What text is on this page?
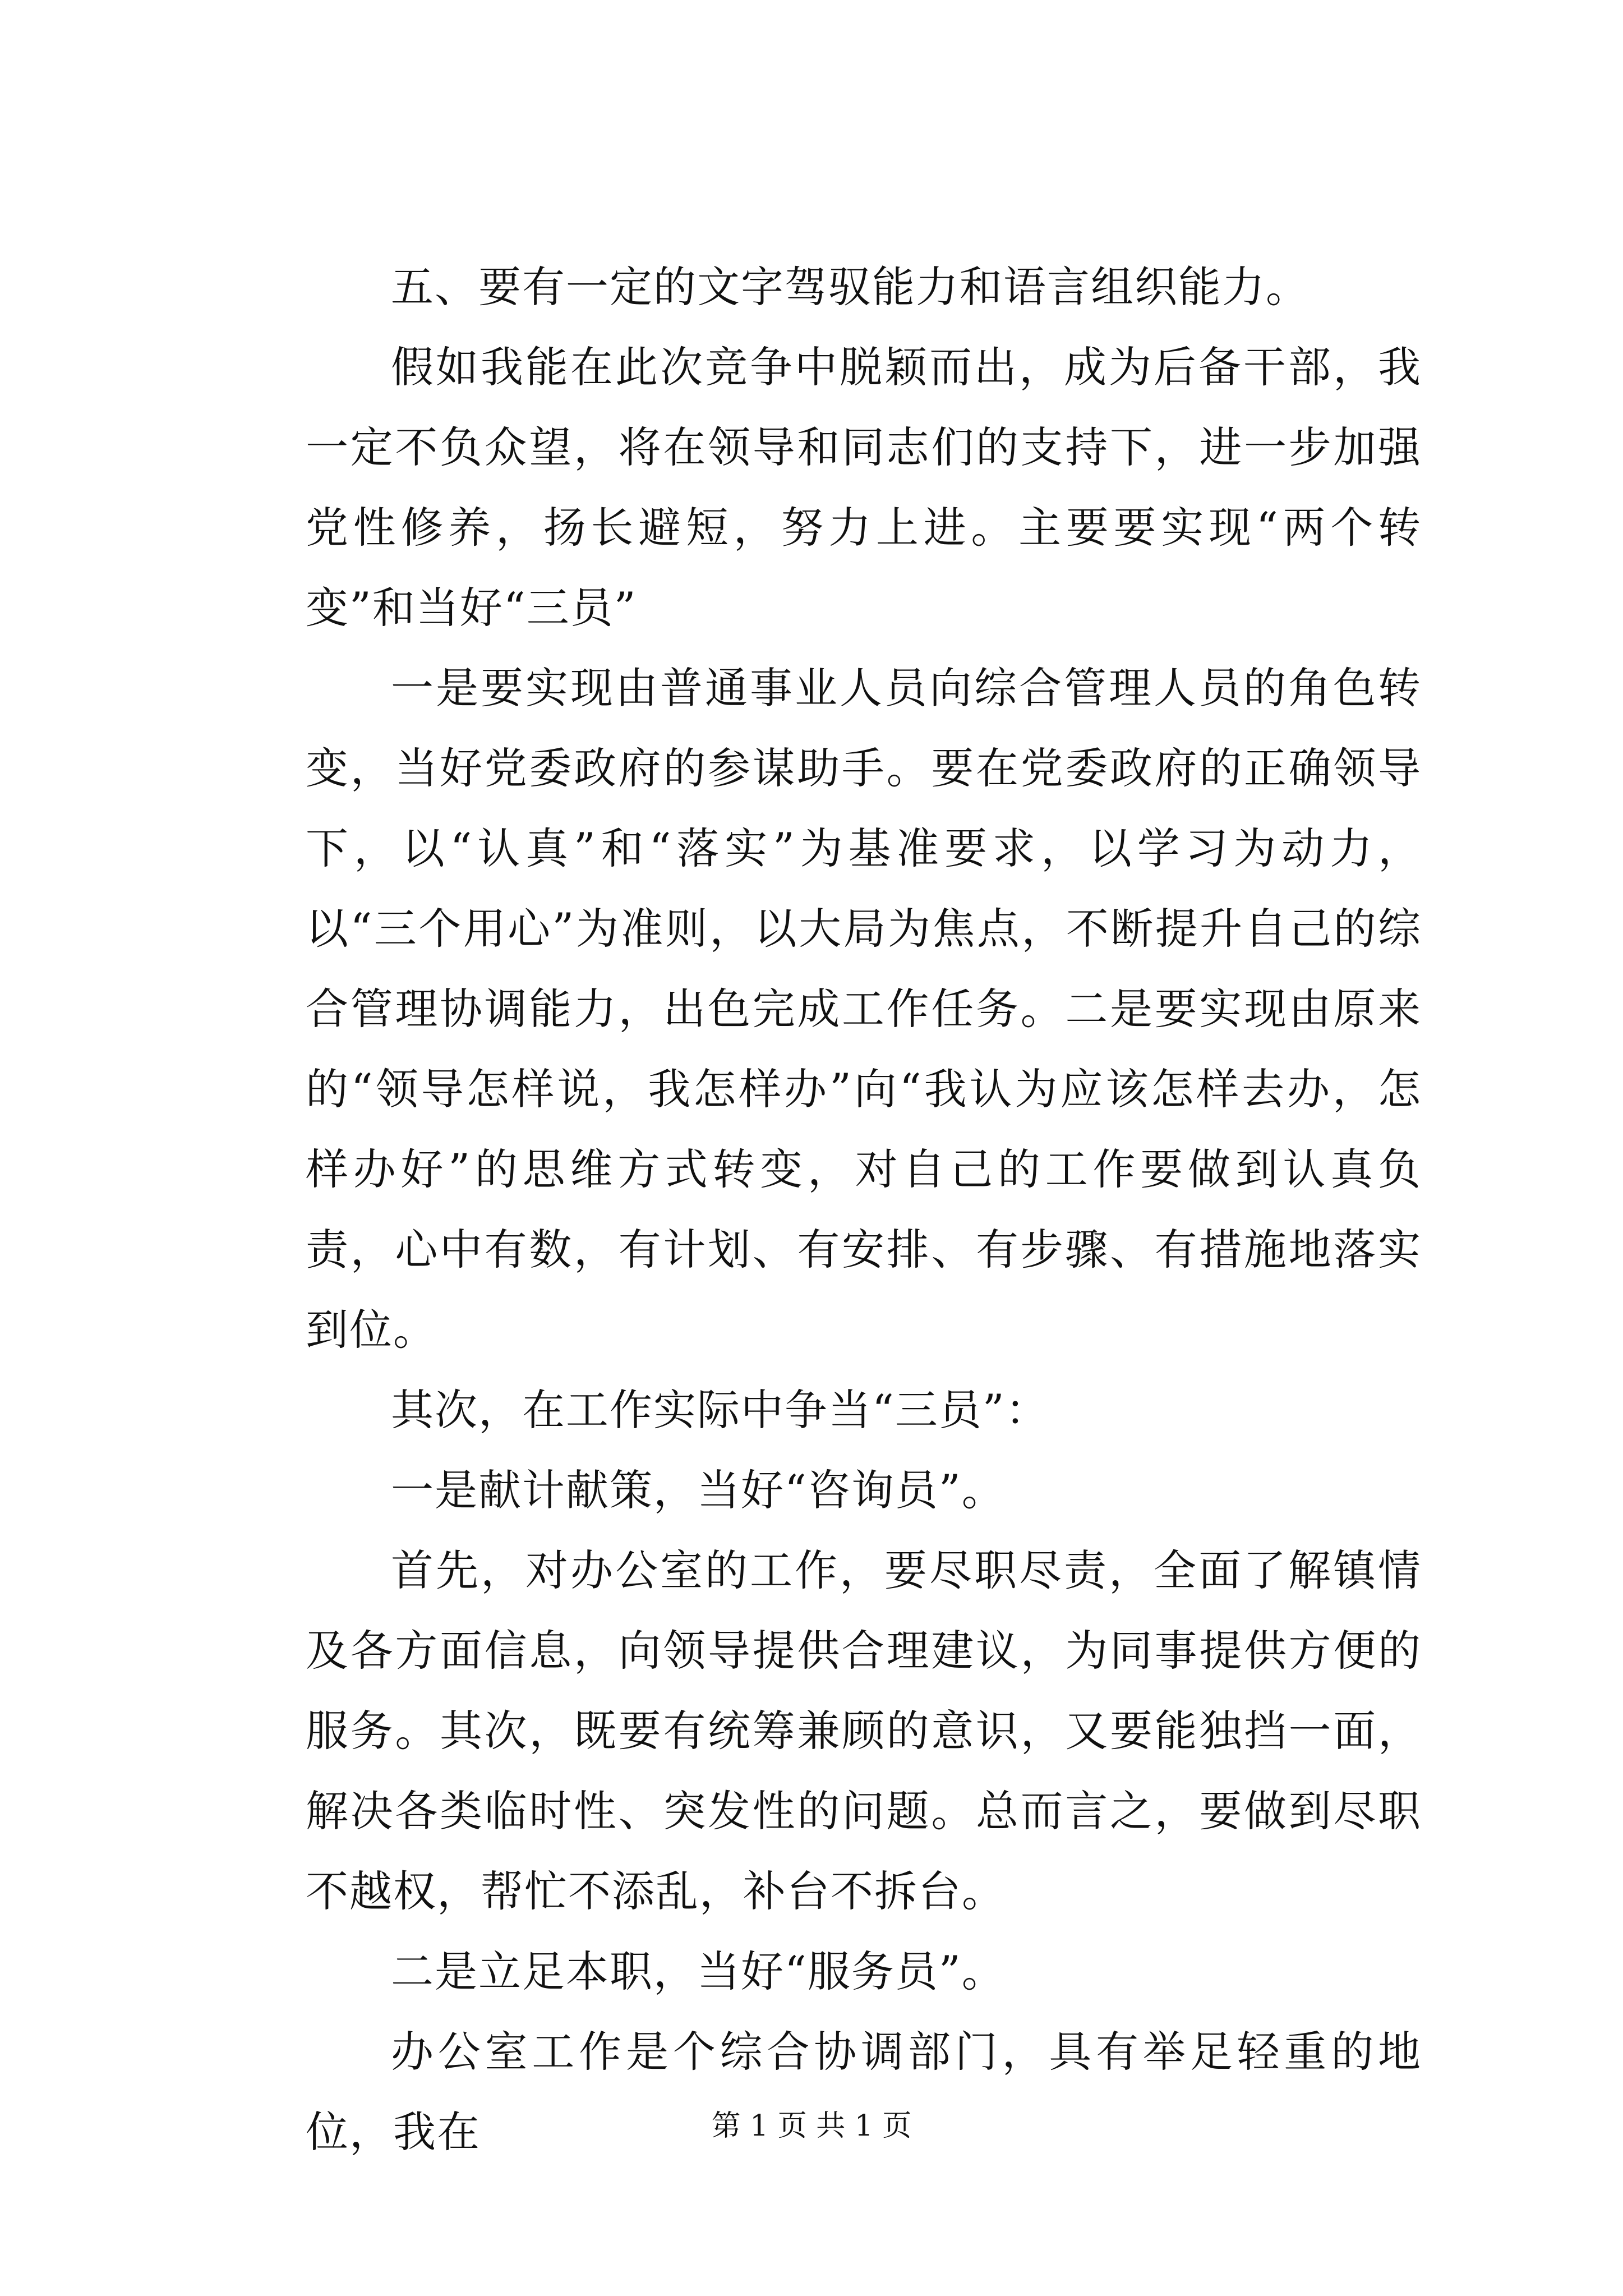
五、要有一定的文字驾驭能力和语言组织能力。

假如我能在此次竞争中脱颖而出，成为后备干部，我一定不负众望，将在领导和同志们的支持下，进一步加强党性修养，扬长避短，努力上进。主要要实现“两个转变”和当好“三员”

一是要实现由普通事业人员向综合管理人员的角色转变，当好党委政府的参谋助手。要在党委政府的正确领导下，以“认真”和“落实”为基准要求，以学习为动力，以“三个用心”为准则，以大局为焦点，不断提升自己的综合管理协调能力，出色完成工作任务。二是要实现由原来的“领导怎样说，我怎样办”向“我认为应该怎样去办，怎样办好”的思维方式转变，对自己的工作要做到认真负责，心中有数，有计划、有安排、有步骤、有措施地落实到位。

其次，在工作实际中争当“三员”：

一是献计献策，当好“咨询员”。

首先，对办公室的工作，要尽职尽责，全面了解镇情及各方面信息，向领导提供合理建议，为同事提供方便的服务。其次，既要有统筹兼顾的意识，又要能独挡一面，解决各类临时性、突发性的问题。总而言之，要做到尽职不越权，帮忙不添乱，补台不拆台。

二是立足本职，当好“服务员”。

办公室工作是个综合协调部门，具有举足轻重的地位，我在	第 1 页 共 1 页
